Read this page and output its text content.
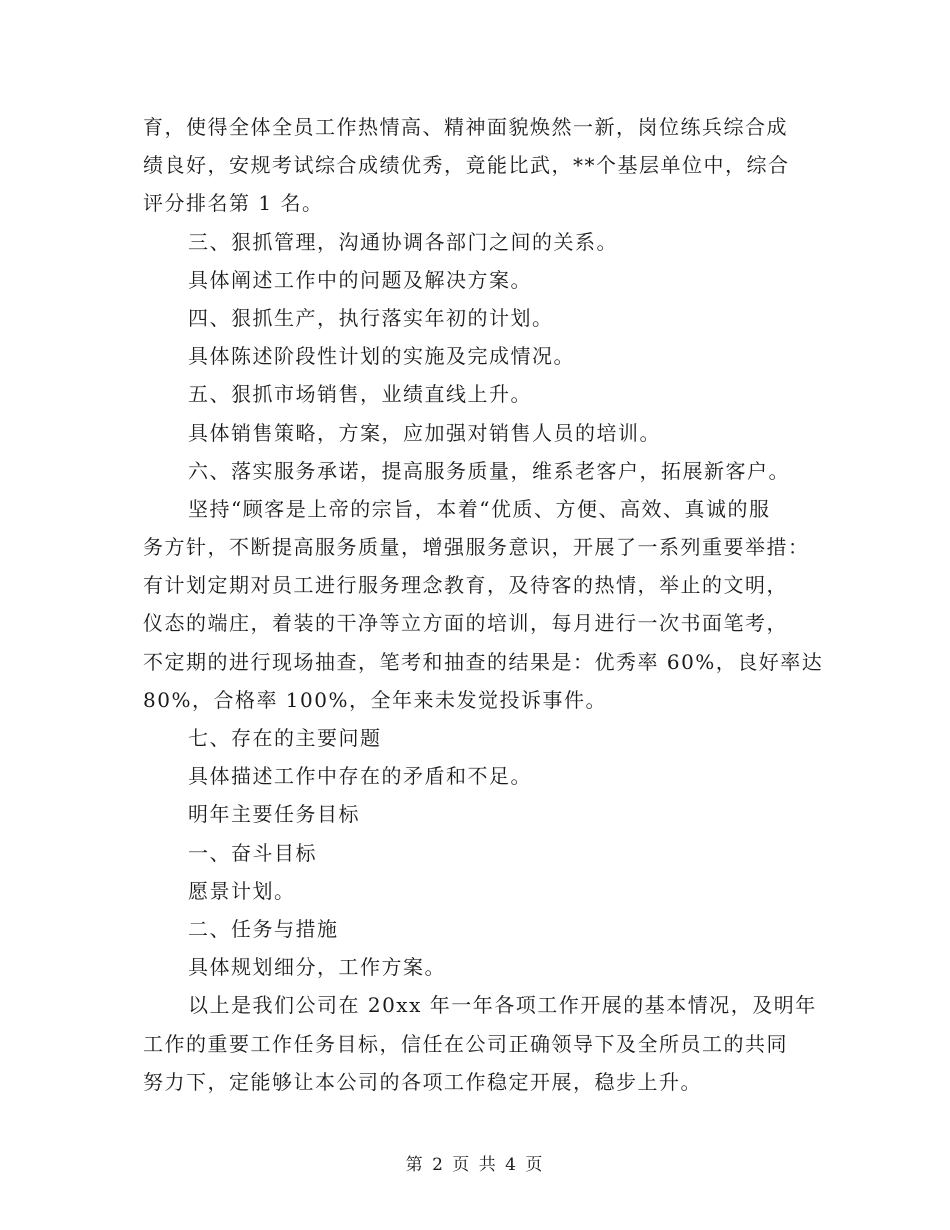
育，使得全体全员工作热情高、精神面貌焕然一新，岗位练兵综合成
绩良好，安规考试综合成绩优秀，竟能比武，**个基层单位中，综合
评分排名第 1 名。
三、狠抓管理，沟通协调各部门之间的关系。
具体阐述工作中的问题及解决方案。
四、狠抓生产，执行落实年初的计划。
具体陈述阶段性计划的实施及完成情况。
五、狠抓市场销售，业绩直线上升。
具体销售策略，方案，应加强对销售人员的培训。
六、落实服务承诺，提高服务质量，维系老客户，拓展新客户。
坚持“顾客是上帝的宗旨，本着“优质、方便、高效、真诚的服
务方针，不断提高服务质量，增强服务意识，开展了一系列重要举措：
有计划定期对员工进行服务理念教育，及待客的热情，举止的文明，
仪态的端庄，着装的干净等立方面的培训，每月进行一次书面笔考，
不定期的进行现场抽查，笔考和抽查的结果是：优秀率 60%，良好率达
80%，合格率 100%，全年来未发觉投诉事件。
七、存在的主要问题
具体描述工作中存在的矛盾和不足。
明年主要任务目标
一、奋斗目标
愿景计划。
二、任务与措施
具体规划细分，工作方案。
以上是我们公司在 20xx 年一年各项工作开展的基本情况，及明年
工作的重要工作任务目标，信任在公司正确领导下及全所员工的共同
努力下，定能够让本公司的各项工作稳定开展，稳步上升。
第 2 页 共 4 页
